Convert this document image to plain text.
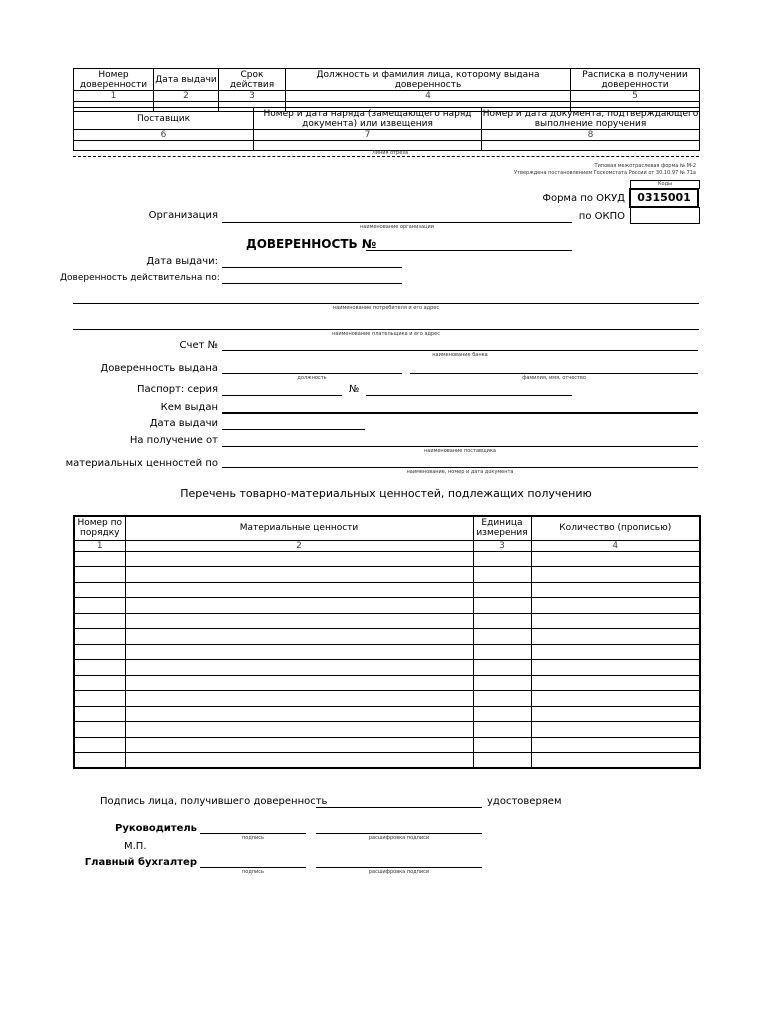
Номер доверенности	Дата выдачи	Срок действия	Должность и фамилия лица, которому выдана доверенность	Расписка в получении доверенности
1	2	3	4	5

Поставщик	Номер и дата наряда (замещающего наряд документа) или извещения	Номер и дата документа, подтверждающего выполнение поручения
6	7	8

Линия отреза
Типовая межотраслевая форма № М-2
Утверждена постановлением Госкомстата России от 30.10.97 № 71а
Коды
0315001
Форма по ОКУД
по ОКПО
Организация
наименование организации
ДОВЕРЕННОСТЬ №
Дата выдачи:
Доверенность действительна по:
наименование потребителя и его адрес
наименование плательщика и его адрес
Счет №
наименование банка
Доверенность выдана
должность	фамилия, имя, отчество
Паспорт: серия	№
Кем выдан
Дата выдачи
На получение от
наименование поставщика
материальных ценностей по
наименование, номер и дата документа
Перечень товарно-материальных ценностей, подлежащих получению
Номер по порядку	Материальные ценности	Единица измерения	Количество (прописью)
1	2	3	4

Подпись лица, получившего доверенность	удостоверяем
Руководитель
подпись	расшифровка подписи
М.П.
Главный бухгалтер
подпись	расшифровка подписи
